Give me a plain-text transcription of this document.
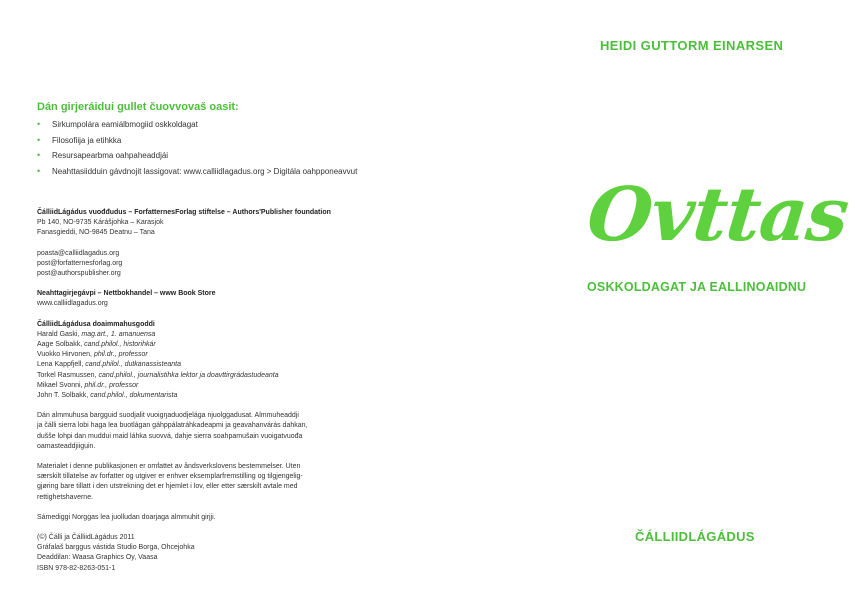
HEIDI GUTTORM EINARSEN
Dán girjeráidui gullet čuovvovaš oasit:
• Sirkumpolára eamiálbmogiid oskkoldagat
• Filosofiija ja etihkka
• Resursapearbma oahpaheaddjái
• Neahttasiidduin gávdnojit lassigovat: www.calliidlagadus.org > Digitála oahpponeavvut

ČálliidLágádus vuođđudus – ForfatternesForlag stiftelse – Authors'Publisher foundation
Pb 140, NO-9735 Kárášjohka – Karasjok
Fanasgieddi, NO-9845 Deatnu – Tana

poasta@calliidlagadus.org
post@forfatternesforlag.org
post@authorspublisher.org

Neahttagirjegávpi – Nettbokhandel – www Book Store
www.calliidlagadus.org

ČálliidLágádusa doaimmahusgoddi
Harald Gaski, mag.art., 1. amanuensa
Aage Solbakk, cand.philol., historihkár
Vuokko Hirvonen, phil.dr., professor
Lena Kappfjell, cand.philol., dutkanassisteanta
Torkel Rasmussen, cand.philol., journalistihka lektor ja doavttirgrádastudeanta
Mikael Svonni, phil.dr., professor
John T. Solbakk, cand.philol., dokumentarista

Dán almmuhusa bargguid suodjalit vuoigŋaduodjelága njuolggadusat. Almmuheaddji
ja čálli sierra lobi haga lea buotlágan gáhppálatráhkadeapmi ja geavahanvárás dahkan,
dušše lohpi dan muddui maid láhka suovvá, dahje sierra soahpamušain vuoigatvuođa
oamasteaddjiiguin.

Materialet i denne publikasjonen er omfattet av åndsverkslovens bestemmelser. Uten
særskilt tillatelse av forfatter og utgiver er enhver eksemplarfremstilling og tilgjengelig-
gjøring bare tillatt i den utstrekning det er hjemlet i lov, eller etter særskilt avtale med
rettighetshaverne.

Sámediggi Norggas lea juolludan doarjaga almmuhit girjji.

(©) Čálli ja ČálliidLágádus 2011
Gráfalaš barggus vástida Studio Borga, Ohcejohka
Deaddilan: Waasa Graphics Oy, Vaasa
ISBN 978-82-8263-051-1

Ovttas
OSKKOLDAGAT JA EALLINOAIDNU
ČÁLLIIDLÁGÁDUS
